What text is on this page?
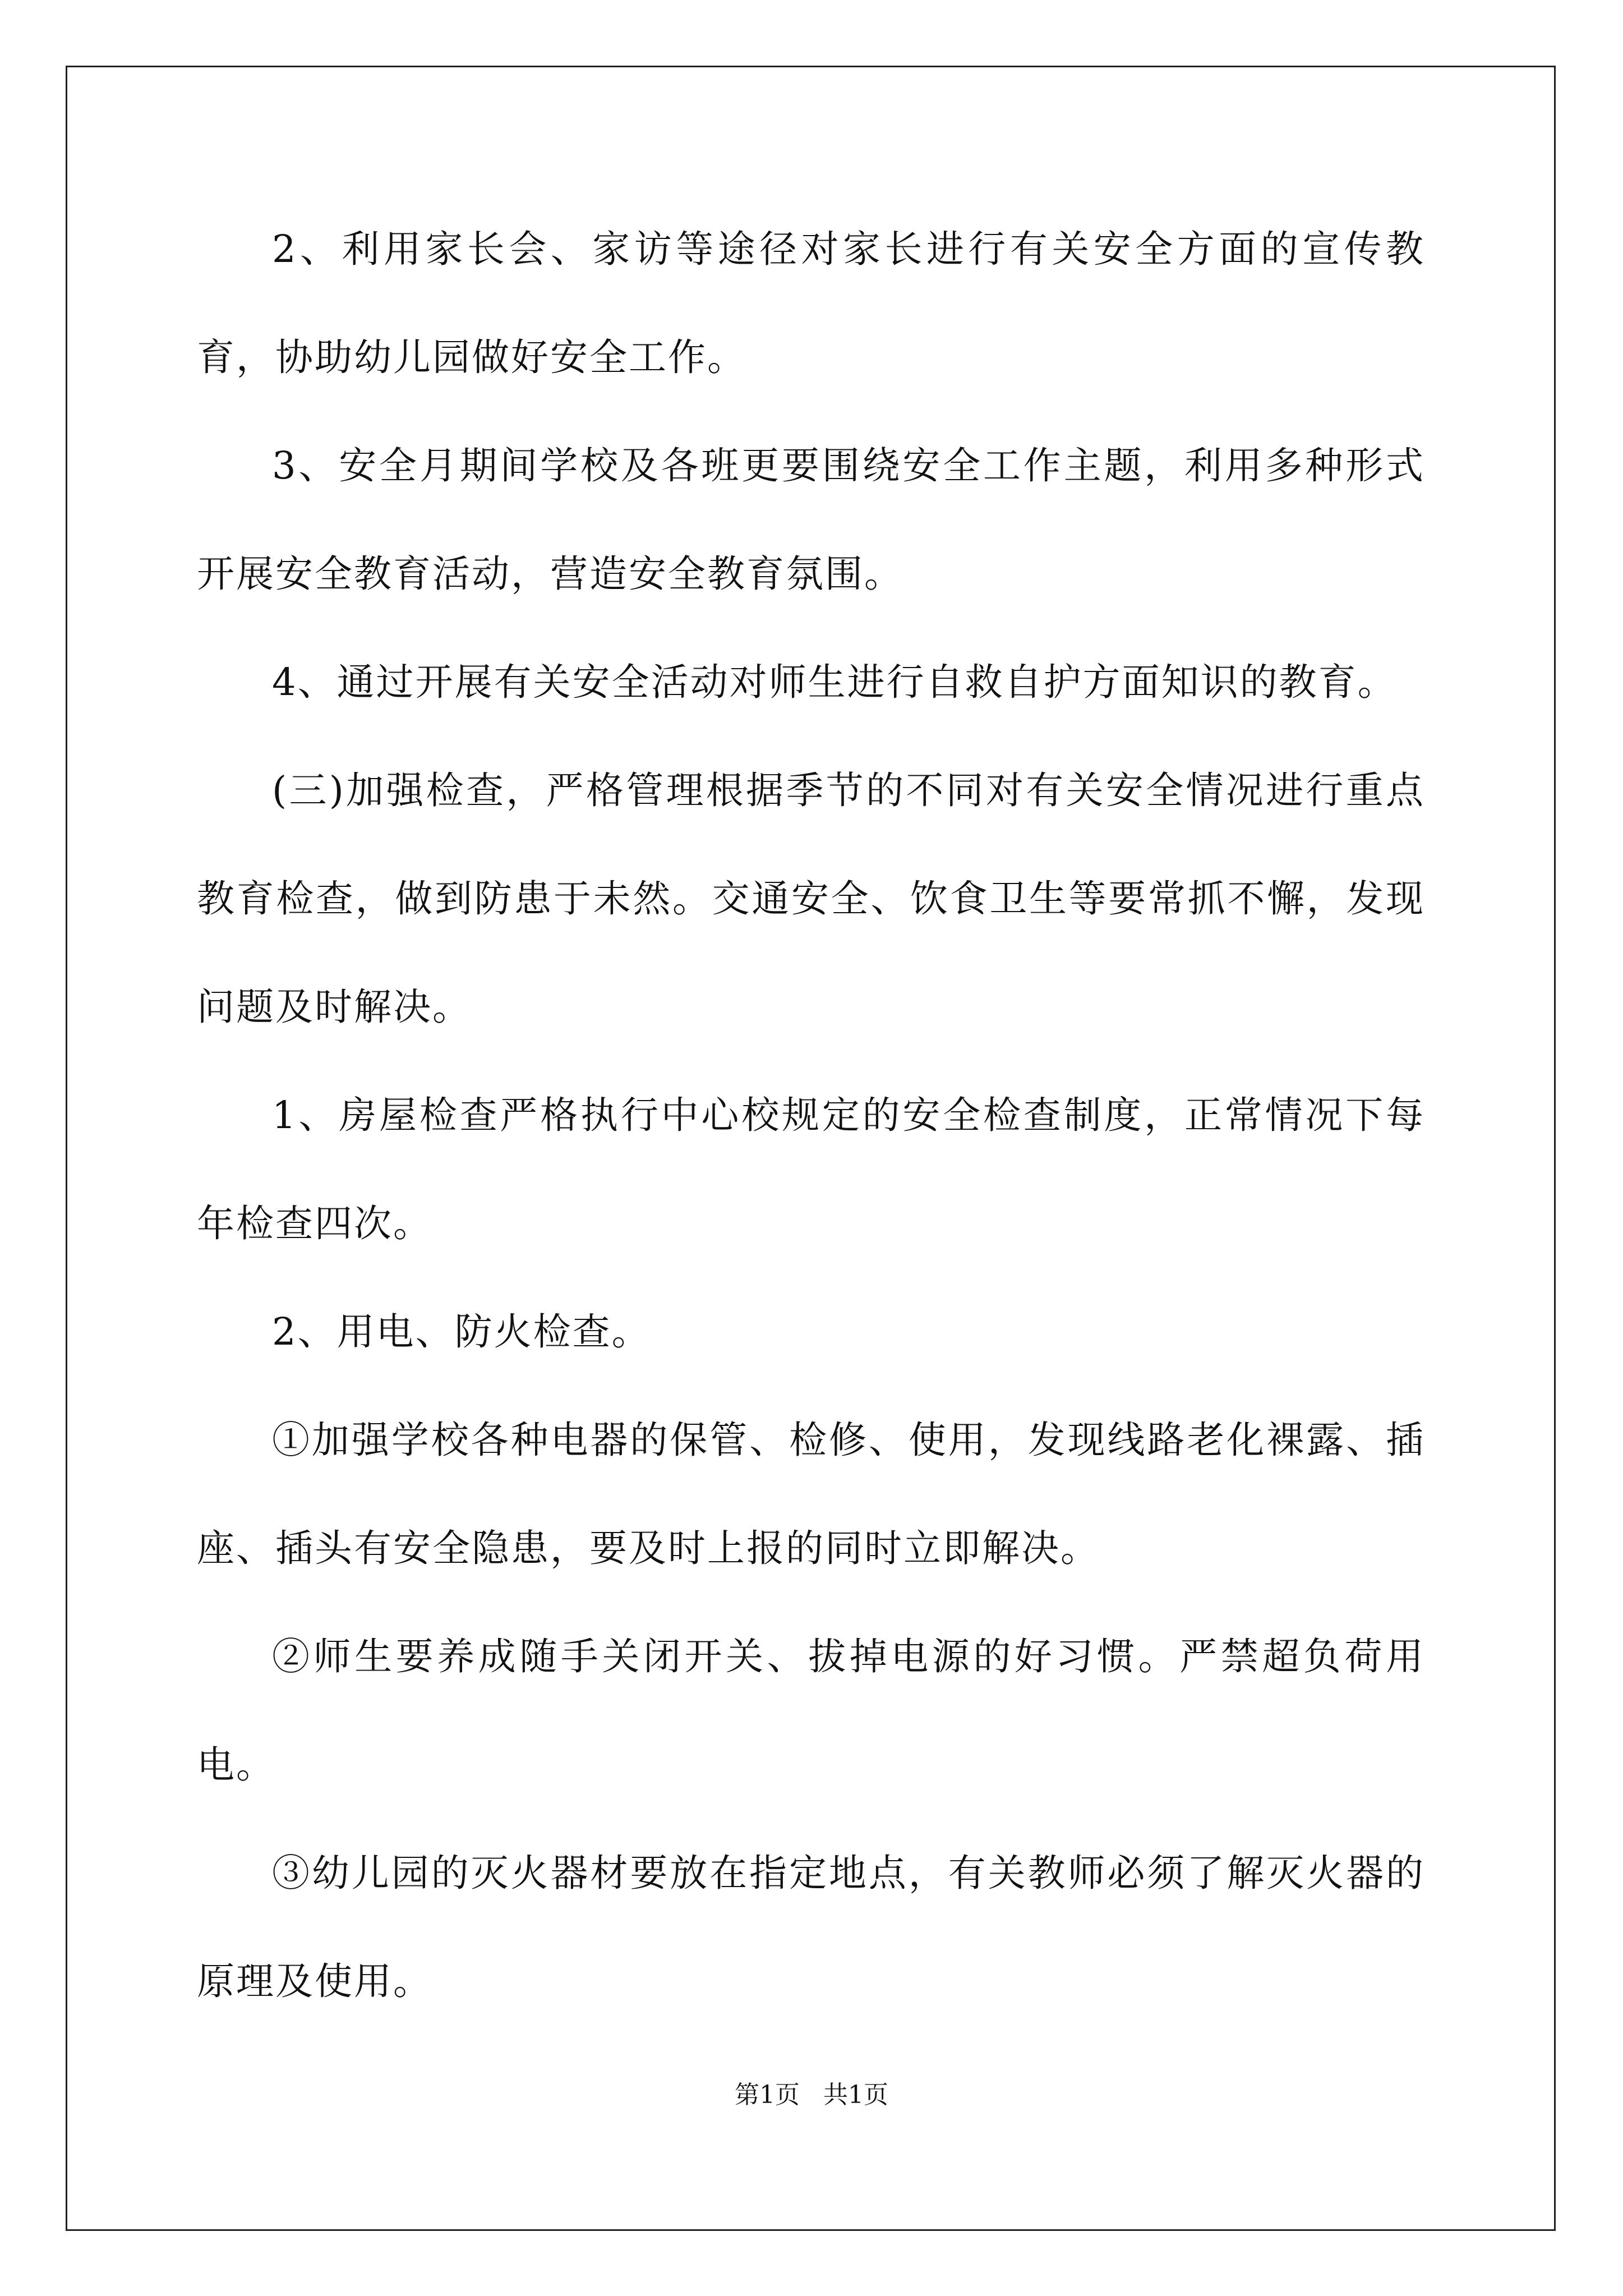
2、利用家长会、家访等途径对家长进行有关安全方面的宣传教育，协助幼儿园做好安全工作。

3、安全月期间学校及各班更要围绕安全工作主题，利用多种形式开展安全教育活动，营造安全教育氛围。

4、通过开展有关安全活动对师生进行自救自护方面知识的教育。

(三)加强检查，严格管理根据季节的不同对有关安全情况进行重点教育检查，做到防患于未然。交通安全、饮食卫生等要常抓不懈，发现问题及时解决。

1、房屋检查严格执行中心校规定的安全检查制度，正常情况下每年检查四次。

2、用电、防火检查。

①加强学校各种电器的保管、检修、使用，发现线路老化裸露、插座、插头有安全隐患，要及时上报的同时立即解决。

②师生要养成随手关闭开关、拔掉电源的好习惯。严禁超负荷用电。

③幼儿园的灭火器材要放在指定地点，有关教师必须了解灭火器的原理及使用。

第1页   共1页
